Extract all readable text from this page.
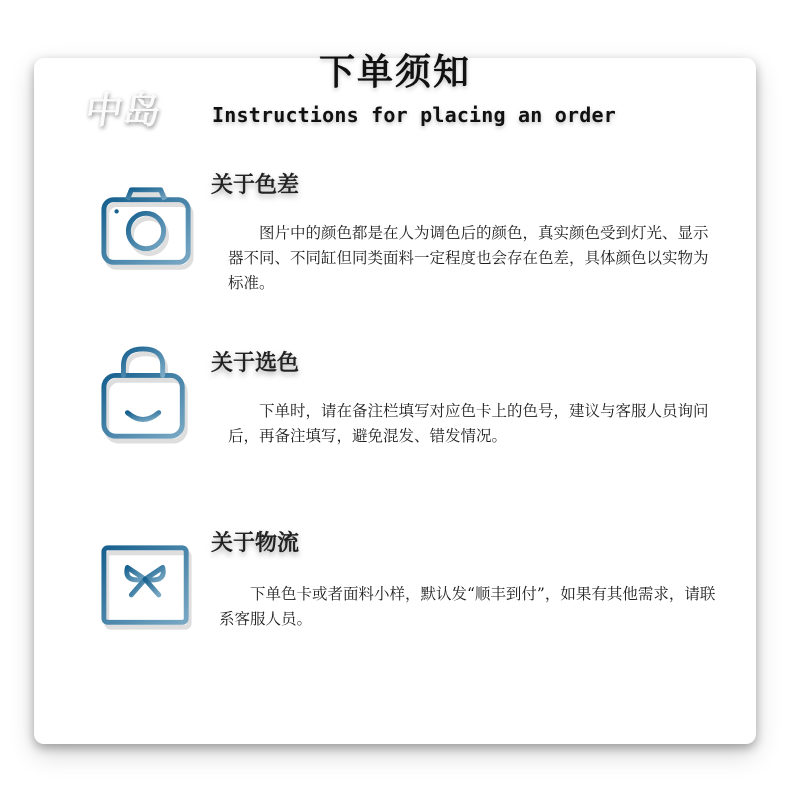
下单须知
中岛 Instructions for placing an order
关于色差

图片中的颜色都是在人为调色后的颜色，真实颜色受到灯光、显示器不同、不同缸但同类面料一定程度也会存在色差，具体颜色以实物为标准。

关于选色

下单时，请在备注栏填写对应色卡上的色号，建议与客服人员询问后，再备注填写，避免混发、错发情况。

关于物流

下单色卡或者面料小样，默认发“顺丰到付”，如果有其他需求，请联系客服人员。
